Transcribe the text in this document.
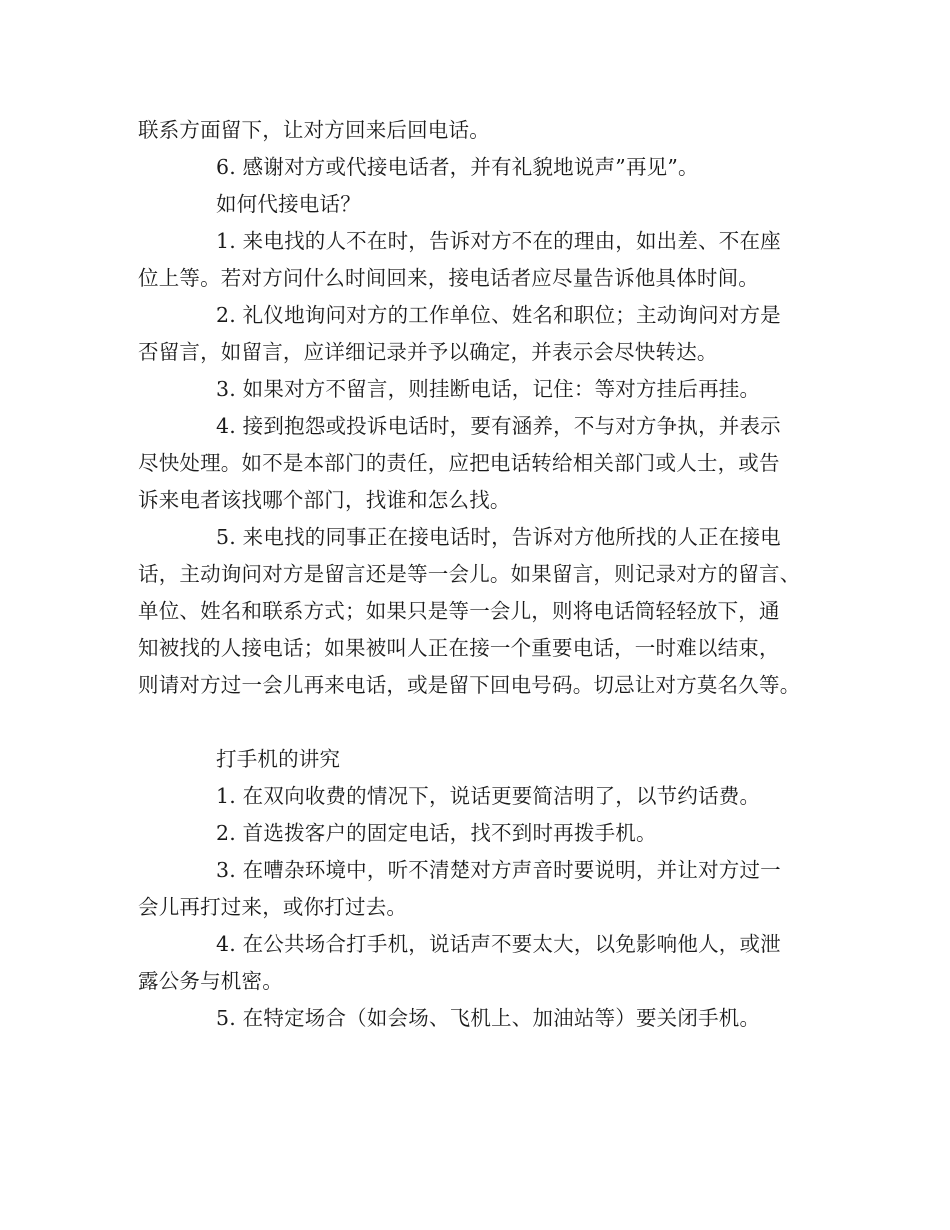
联系方面留下，让对方回来后回电话。
6. 感谢对方或代接电话者，并有礼貌地说声”再见”。
如何代接电话？
1. 来电找的人不在时，告诉对方不在的理由，如出差、不在座
位上等。若对方问什么时间回来，接电话者应尽量告诉他具体时间。
2. 礼仪地询问对方的工作单位、姓名和职位；主动询问对方是
否留言，如留言，应详细记录并予以确定，并表示会尽快转达。
3. 如果对方不留言，则挂断电话，记住：等对方挂后再挂。
4. 接到抱怨或投诉电话时，要有涵养，不与对方争执，并表示
尽快处理。如不是本部门的责任，应把电话转给相关部门或人士，或告
诉来电者该找哪个部门，找谁和怎么找。
5. 来电找的同事正在接电话时，告诉对方他所找的人正在接电
话，主动询问对方是留言还是等一会儿。如果留言，则记录对方的留言、
单位、姓名和联系方式；如果只是等一会儿，则将电话筒轻轻放下，通
知被找的人接电话；如果被叫人正在接一个重要电话，一时难以结束，
则请对方过一会儿再来电话，或是留下回电号码。切忌让对方莫名久等。
打手机的讲究
1. 在双向收费的情况下，说话更要简洁明了，以节约话费。
2. 首选拨客户的固定电话，找不到时再拨手机。
3. 在嘈杂环境中，听不清楚对方声音时要说明，并让对方过一
会儿再打过来，或你打过去。
4. 在公共场合打手机，说话声不要太大，以免影响他人，或泄
露公务与机密。
5. 在特定场合（如会场、飞机上、加油站等）要关闭手机。
